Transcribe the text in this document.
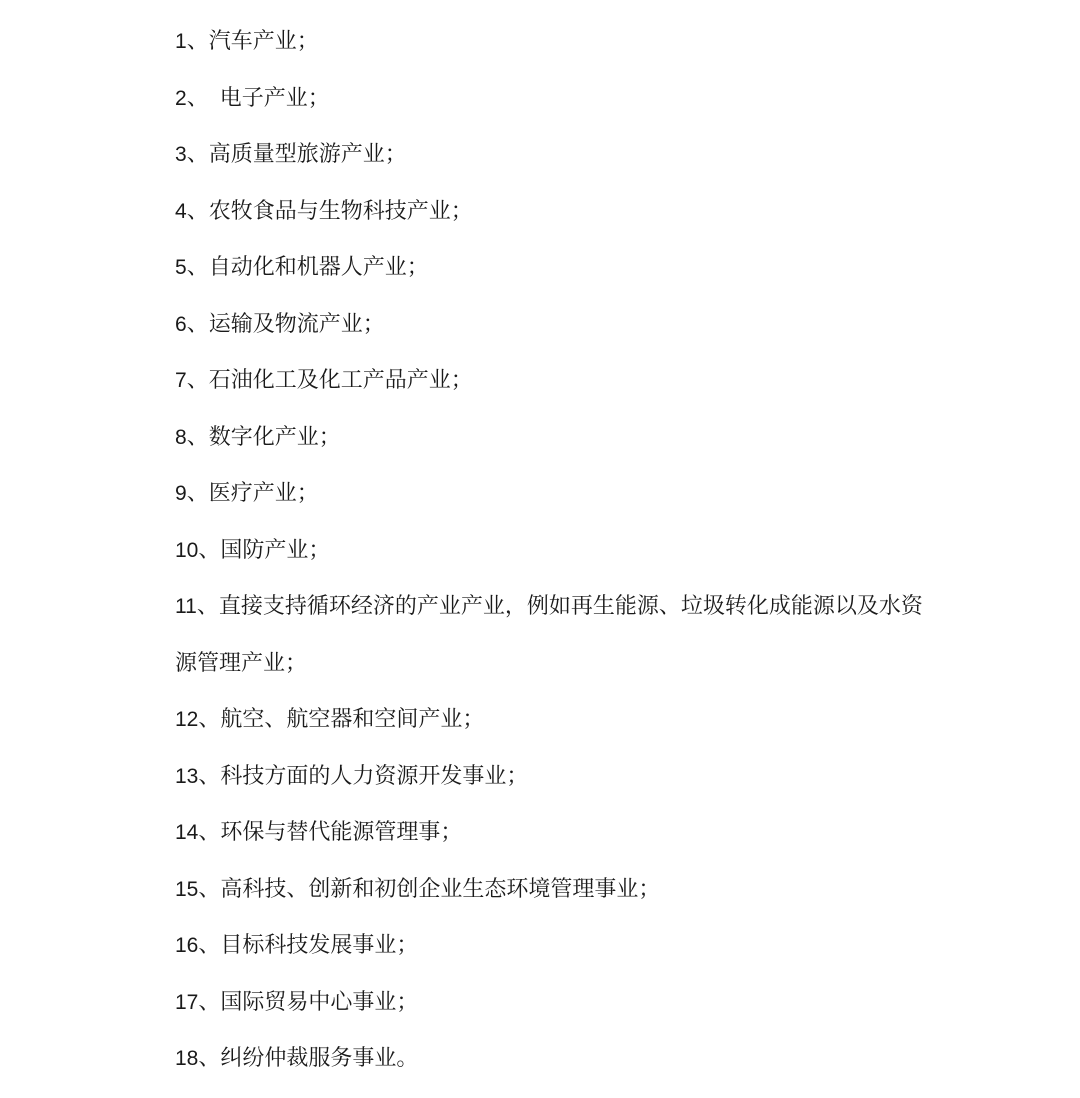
1、汽车产业；

2、　电子产业；

3、高质量型旅游产业；

4、农牧食品与生物科技产业；

5、自动化和机器人产业；

6、运输及物流产业；

7、石油化工及化工产品产业；

8、数字化产业；

9、医疗产业；

10、国防产业；

11、直接支持循环经济的产业产业，例如再生能源、垃圾转化成能源以及水资源管理产业；

12、航空、航空器和空间产业；

13、科技方面的人力资源开发事业；

14、环保与替代能源管理事；

15、高科技、创新和初创企业生态环境管理事业；

16、目标科技发展事业；

17、国际贸易中心事业；

18、纠纷仲裁服务事业。
